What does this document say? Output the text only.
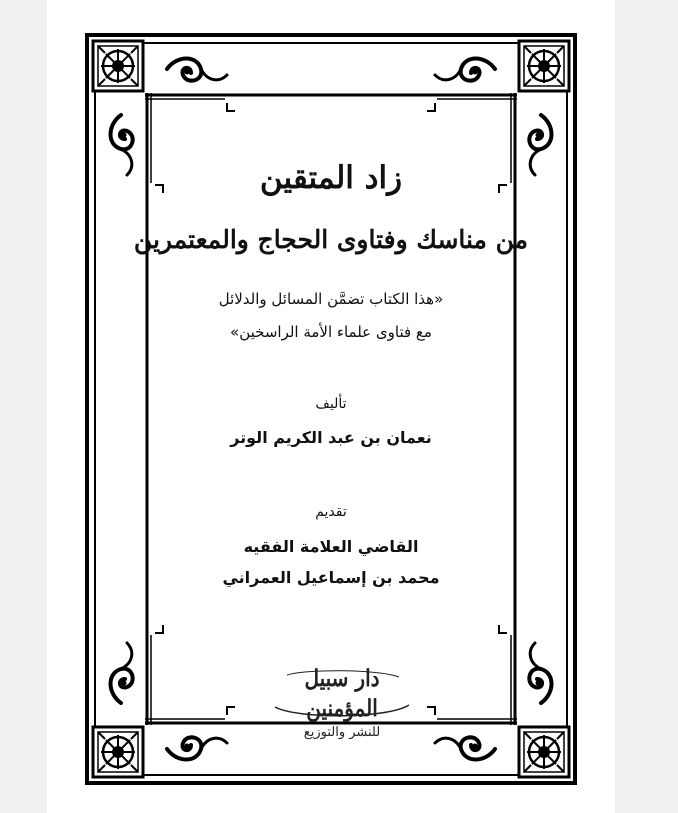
زاد المتقين
من مناسك وفتاوى الحجاج والمعتمرين
«هذا الكتاب تضمَّن المسائل والدلائل
مع فتاوى علماء الأمة الراسخين»
تأليف
نعمان بن عبد الكريم الوتر
تقديم
القاضي العلامة الفقيه
محمد بن إسماعيل العمراني
دار سبيل المؤمنين
للنشر والتوزيع
